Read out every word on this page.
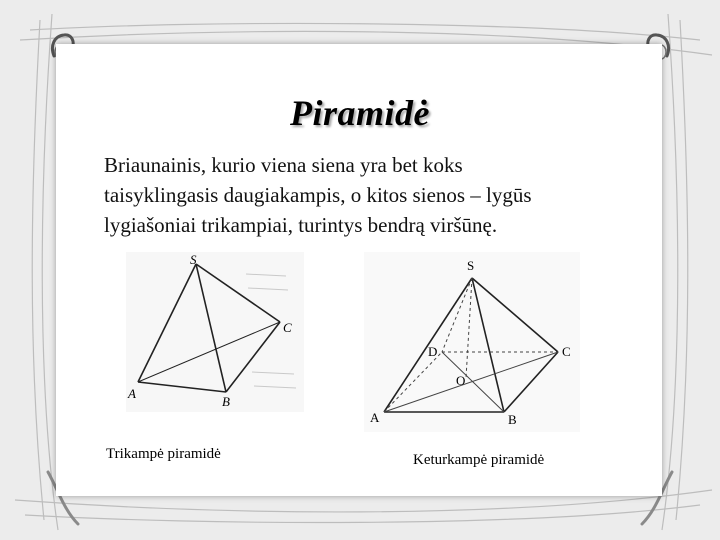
Piramidė
Briaunainis, kurio viena siena yra bet koks taisyklingasis daugiakampis, o kitos sienos – lygūs lygiašoniai trikampiai, turintys bendrą viršūnę.
S
A
B
C
S
D	C
O
A	B
Trikampė piramidė	Keturkampė piramidė
